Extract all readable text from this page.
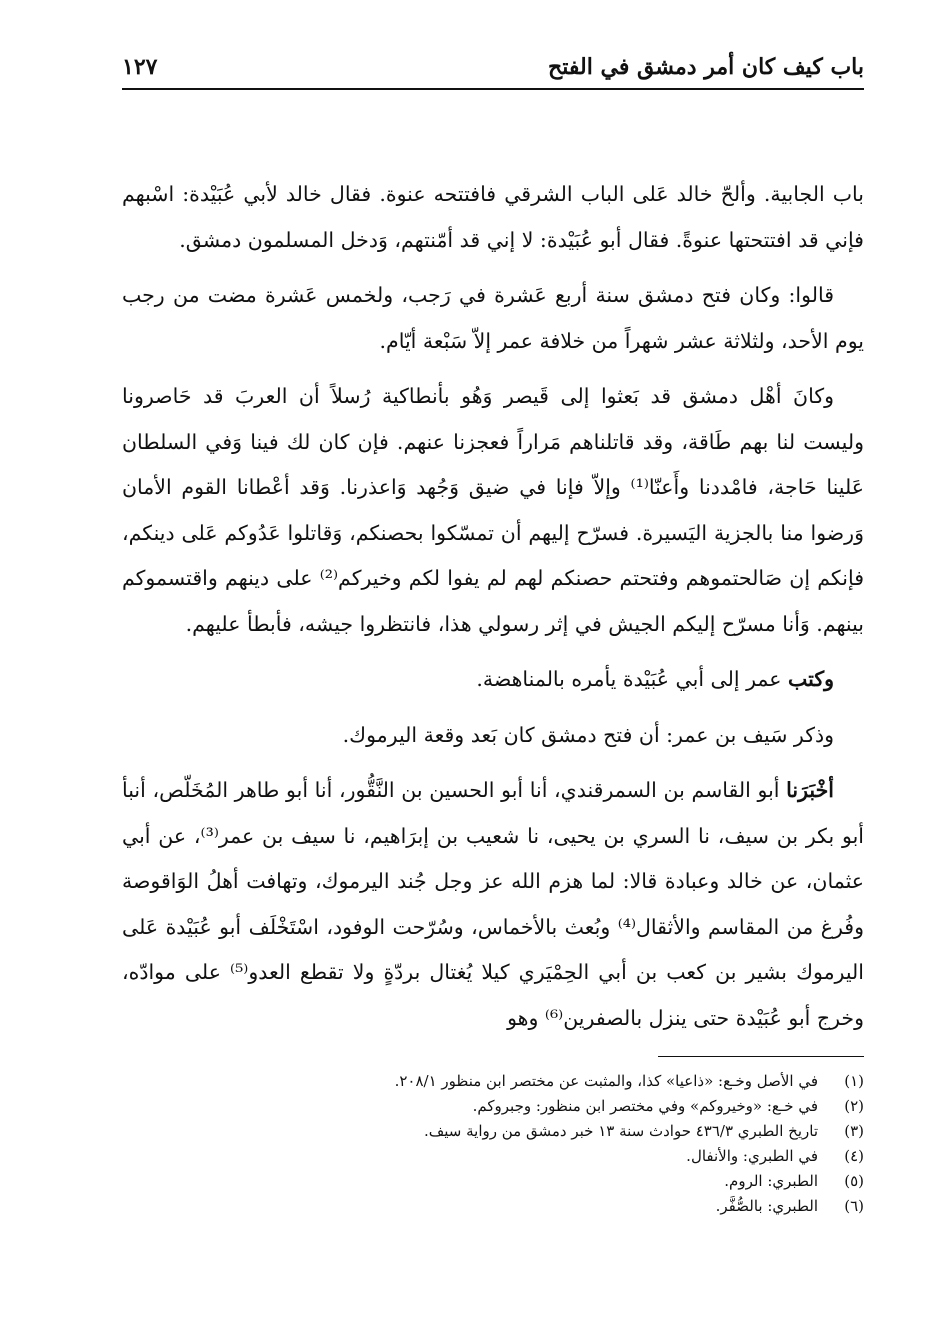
باب كيف كان أمر دمشق في الفتح
١٢٧

باب الجابية. وألحّ خالد عَلى الباب الشرقي فافتتحه عنوة. فقال خالد لأبي عُبَيْدة: اسْبهم فإني قد افتتحتها عنوةً. فقال أبو عُبَيْدة: لا إني قد أمّنتهم، وَدخل المسلمون دمشق.

قالوا: وكان فتح دمشق سنة أربع عَشرة في رَجب، ولخمس عَشرة مضت من رجب يوم الأحد، ولثلاثة عشر شهراً من خلافة عمر إلاّ سَبْعة أيّام.

وكانَ أهْل دمشق قد بَعثوا إلى قَيصر وَهُو بأنطاكية رُسلاً أن العربَ قد حَاصرونا وليست لنا بهم طَاقة، وقد قاتلناهم مَراراً فعجزنا عنهم. فإن كان لك فينا وَفي السلطان عَلينا حَاجة، فامْددنا وأَعنّا⁽¹⁾ وإلاّ فإنا في ضيق وَجُهد وَاعذرنا. وَقد أعْطانا القوم الأمان وَرضوا منا بالجزية اليَسيرة. فسرّح إليهم أن تمسّكوا بحصنكم، وَقاتلوا عَدُوكم عَلى دينكم، فإنكم إن صَالحتموهم وفتحتم حصنكم لهم لم يفوا لكم وخيركم⁽²⁾ على دينهم واقتسموكم بينهم. وَأنا مسرّح إليكم الجيش في إثر رسولي هذا، فانتظروا جيشه، فأبطأ عليهم.

وكتب عمر إلى أبي عُبَيْدة يأمره بالمناهضة.

وذكر سَيف بن عمر: أن فتح دمشق كان بَعد وقعة اليرموك.

أخْبَرَنا أبو القاسم بن السمرقندي، أنا أبو الحسين بن النَّقُّور، أنا أبو طاهر المُخَلّص، أنبأ أبو بكر بن سيف، نا السري بن يحيى، نا شعيب بن إبرَاهيم، نا سيف بن عمر⁽³⁾، عن أبي عثمان، عن خالد وعبادة قالا: لما هزم الله عز وجل جُند اليرموك، وتهافت أهلُ الوَاقوصة وفُرغ من المقاسم والأثقال⁽⁴⁾ وبُعث بالأخماس، وسُرّحت الوفود، اسْتَخْلَف أبو عُبَيْدة عَلى اليرموك بشير بن كعب بن أبي الحِمْيَري كيلا يُغتال بردّةٍ ولا تقطع العدو⁽⁵⁾ على موادّه، وخرج أبو عُبَيْدة حتى ينزل بالصفرين⁽⁶⁾ وهو

(١)
في الأصل وخـع: «ذاعيا» كذا، والمثبت عن مختصر ابن منظور ٢٠٨/١.
(٢)
في خـع: «وخيروكم» وفي مختصر ابن منظور: وجبروكم.
(٣)
تاريخ الطبري ٤٣٦/٣ حوادث سنة ١٣ خبر دمشق من رواية سيف.
(٤)
في الطبري: والأنفال.
(٥)
الطبري: الروم.
(٦)
الطبري: بالصُّفَّر.
